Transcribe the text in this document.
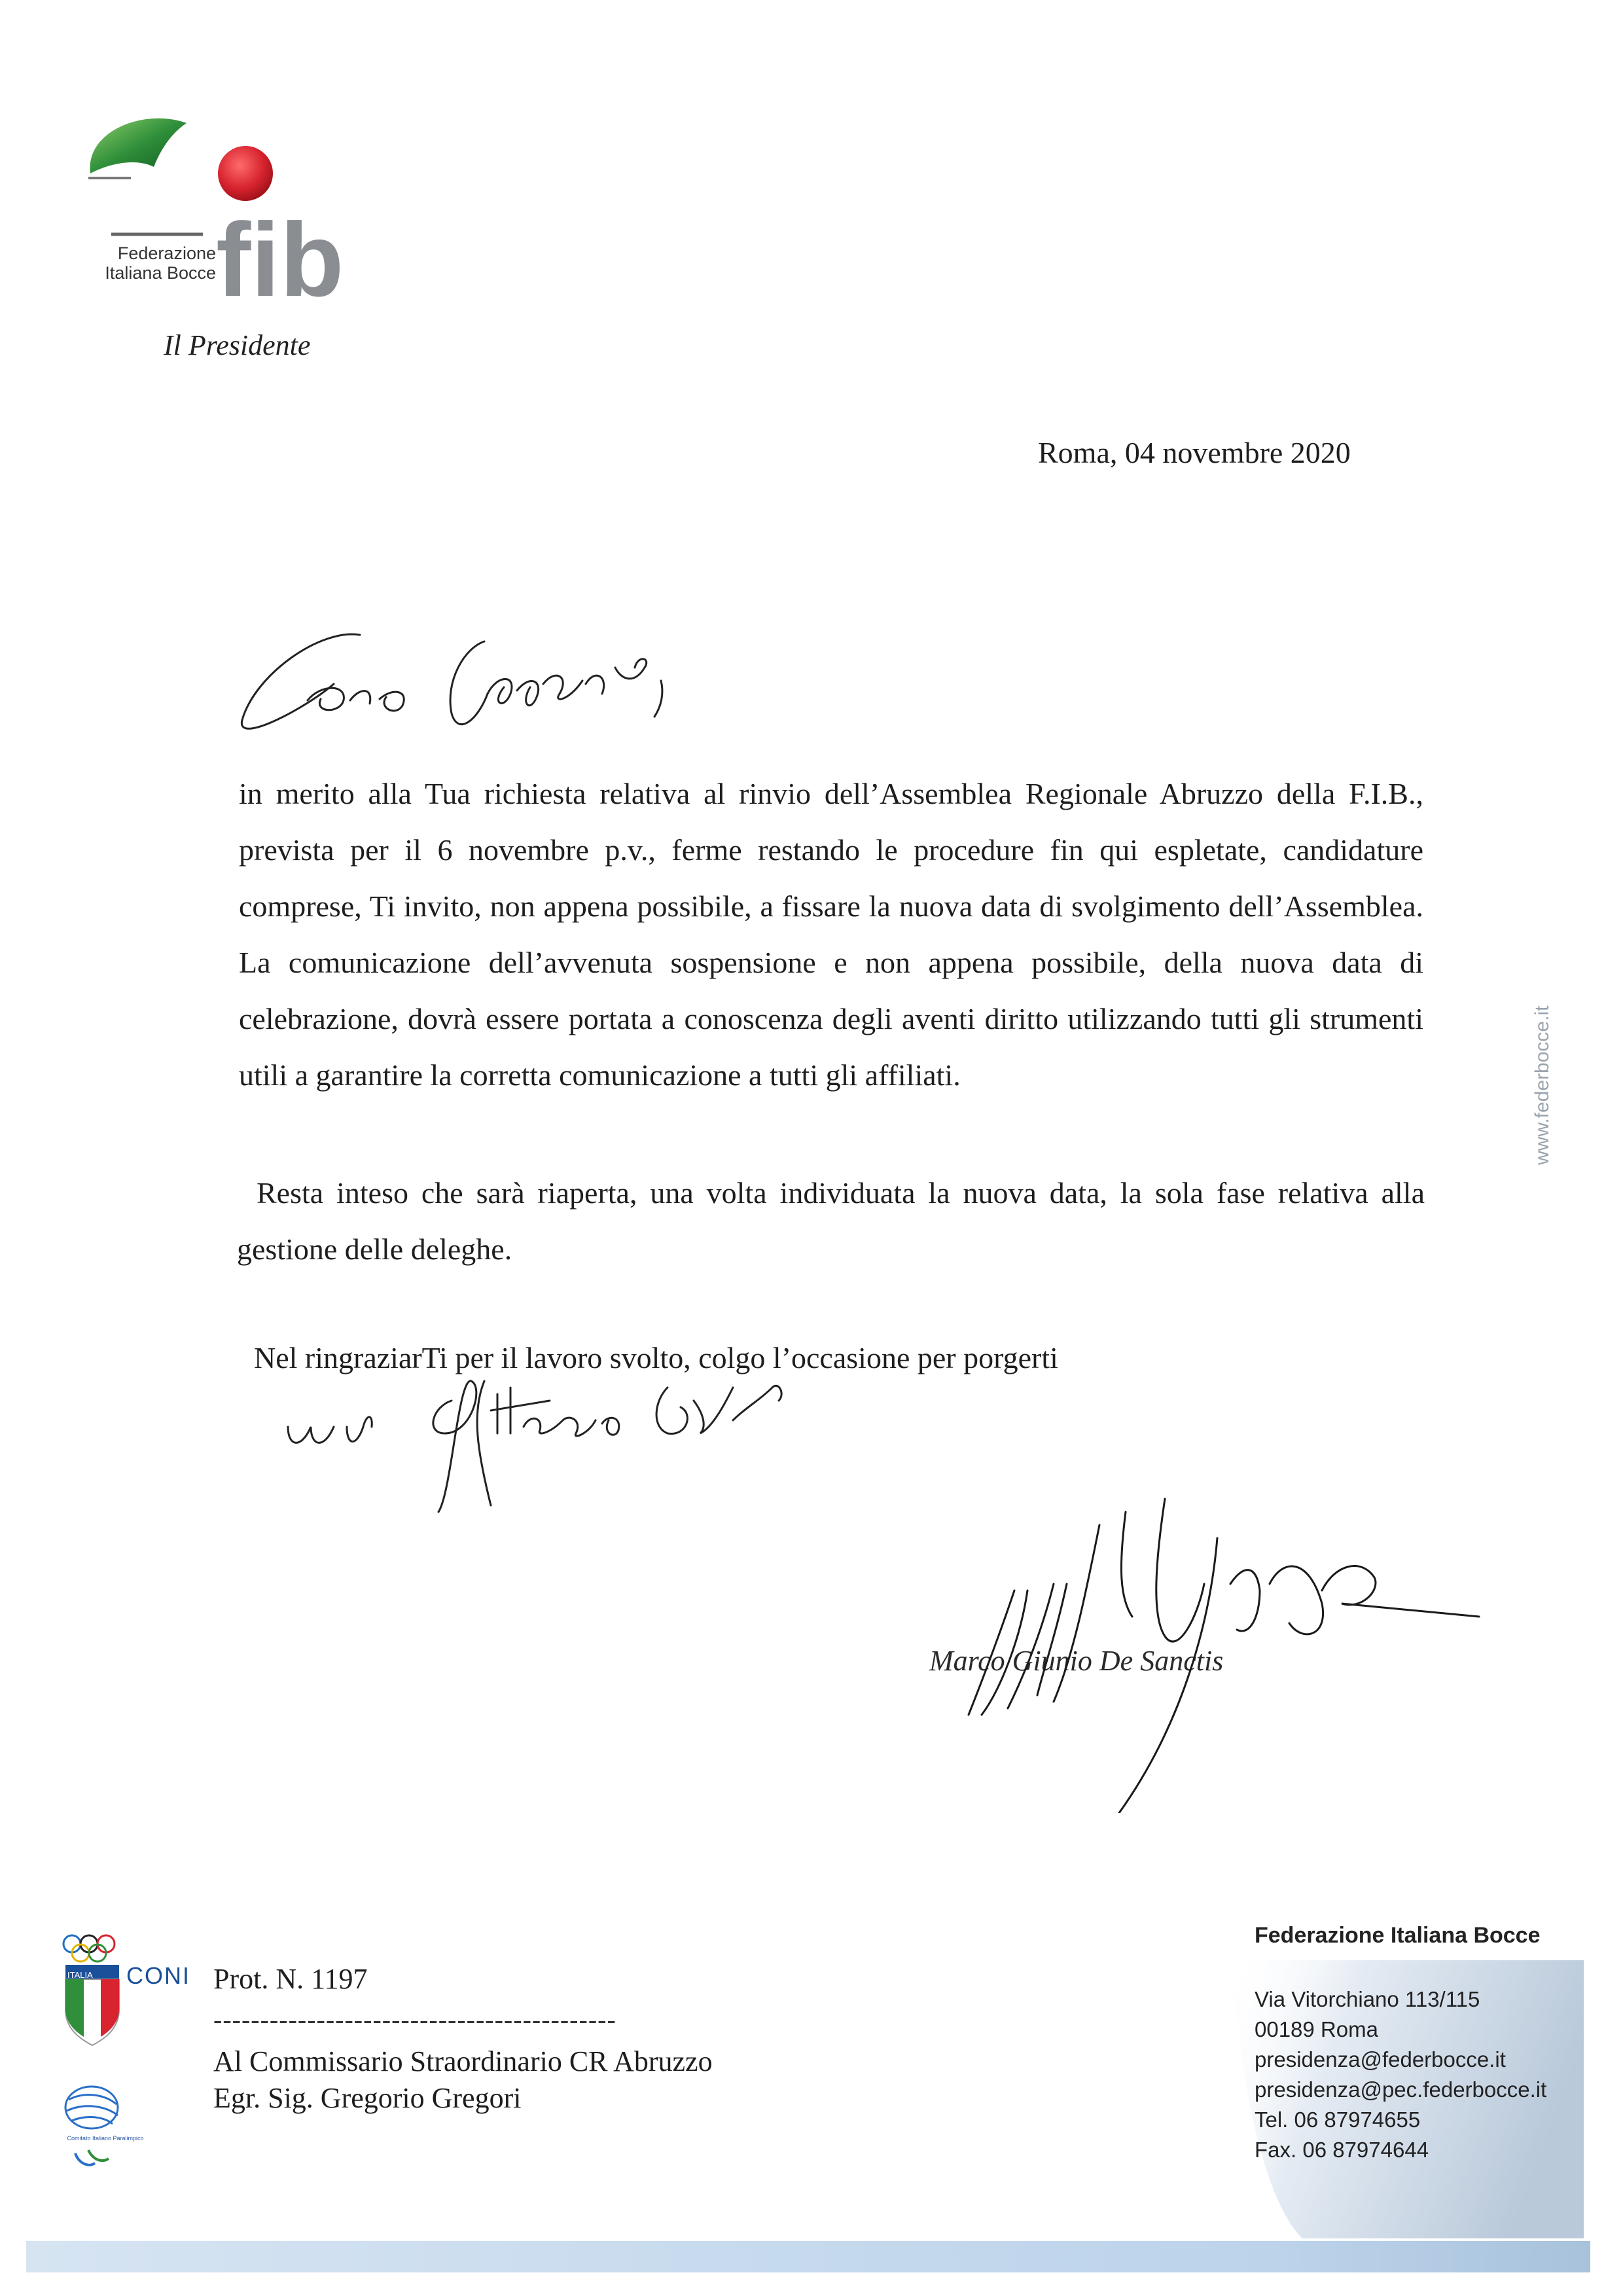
fib
Federazione
Italiana Bocce
Il Presidente
Roma, 04 novembre 2020
in merito alla Tua richiesta relativa al rinvio dell’Assemblea Regionale Abruzzo della F.I.B., prevista per il 6 novembre p.v., ferme restando le procedure fin qui espletate, candidature comprese, Ti invito, non appena possibile, a fissare la nuova data di svolgimento dell’Assemblea. La comunicazione dell’avvenuta sospensione e non appena possibile, della nuova data di celebrazione, dovrà essere portata a conoscenza degli aventi diritto utilizzando tutti gli strumenti utili a garantire la corretta comunicazione a tutti gli affiliati.
Resta inteso che sarà riaperta, una volta individuata la nuova data, la sola fase relativa alla gestione delle deleghe.
Nel ringraziarTi per il lavoro svolto, colgo l’occasione per porgerti
Marco Giunio De Sanctis
www.federbocce.it
ITALIA CONI
Comitato Italiano Paralimpico
Prot. N. 1197
-------------------------------------------
Al Commissario Straordinario CR Abruzzo
Egr. Sig. Gregorio Gregori
Federazione Italiana Bocce
Via Vitorchiano 113/115
00189 Roma
presidenza@federbocce.it
presidenza@pec.federbocce.it
Tel. 06 87974655
Fax. 06 87974644
